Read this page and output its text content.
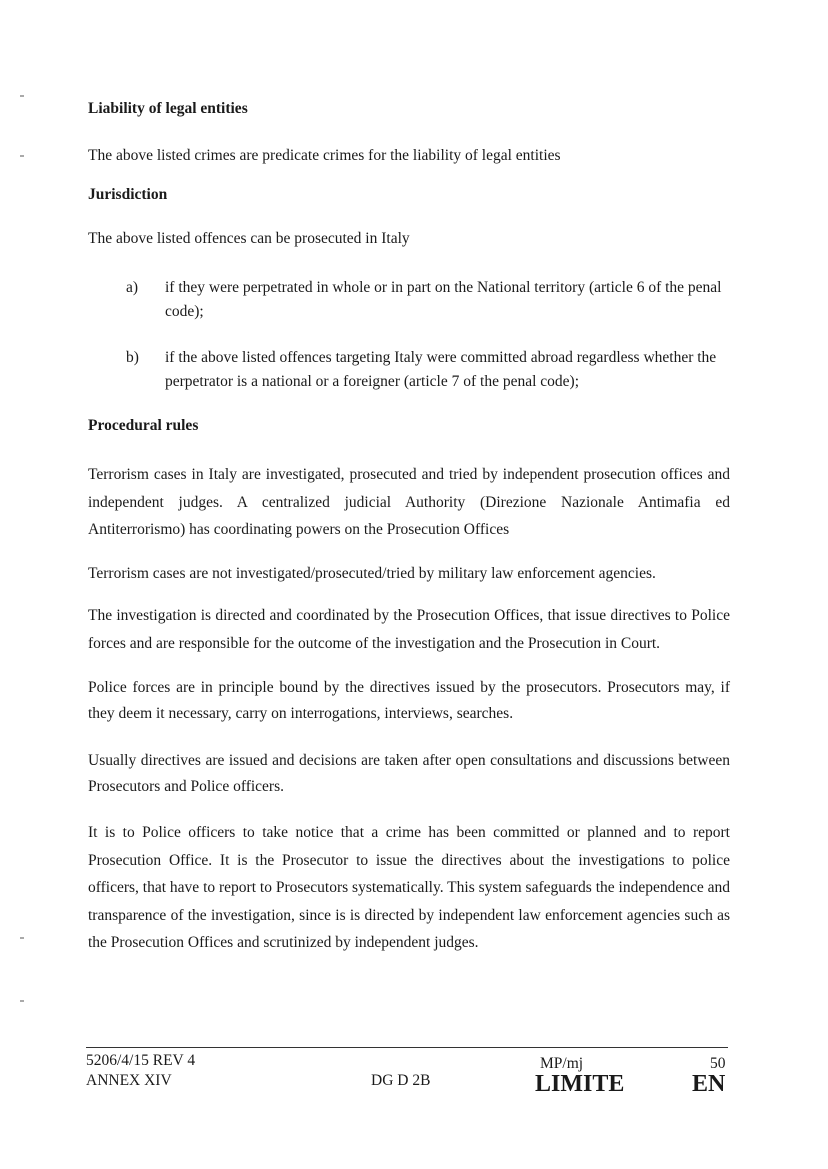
Liability of legal entities
The above listed crimes are predicate crimes for the liability of legal entities
Jurisdiction
The above listed offences can be prosecuted in Italy
a) if they were perpetrated in whole or in part on the National territory (article 6 of the penal code);
b) if the above listed offences targeting Italy were committed abroad regardless whether the perpetrator is a national or a foreigner (article 7 of the penal code);
Procedural rules
Terrorism cases in Italy are investigated, prosecuted and tried by independent prosecution offices and independent judges. A centralized judicial Authority (Direzione Nazionale Antimafia ed Antiterrorismo) has coordinating powers on the Prosecution Offices
Terrorism cases are not investigated/prosecuted/tried by military law enforcement agencies.
The investigation is directed and coordinated by the Prosecution Offices, that issue directives to Police forces and are responsible for the outcome of the investigation and the Prosecution in Court.
Police forces are in principle bound by the directives issued by the prosecutors. Prosecutors may, if they deem it necessary, carry on interrogations, interviews, searches.
Usually directives are issued and decisions are taken after open consultations and discussions between Prosecutors and Police officers.
It is to Police officers to take notice that a crime has been committed or planned and to report Prosecution Office. It is the Prosecutor to issue the directives about the investigations to police officers, that have to report to Prosecutors systematically. This system safeguards the independence and transparence of the investigation, since is is directed by independent law enforcement agencies such as the Prosecution Offices and scrutinized by independent judges.
5206/4/15 REV 4
ANNEX XIV	DG D 2B
MP/mj	50
LIMITE	EN
